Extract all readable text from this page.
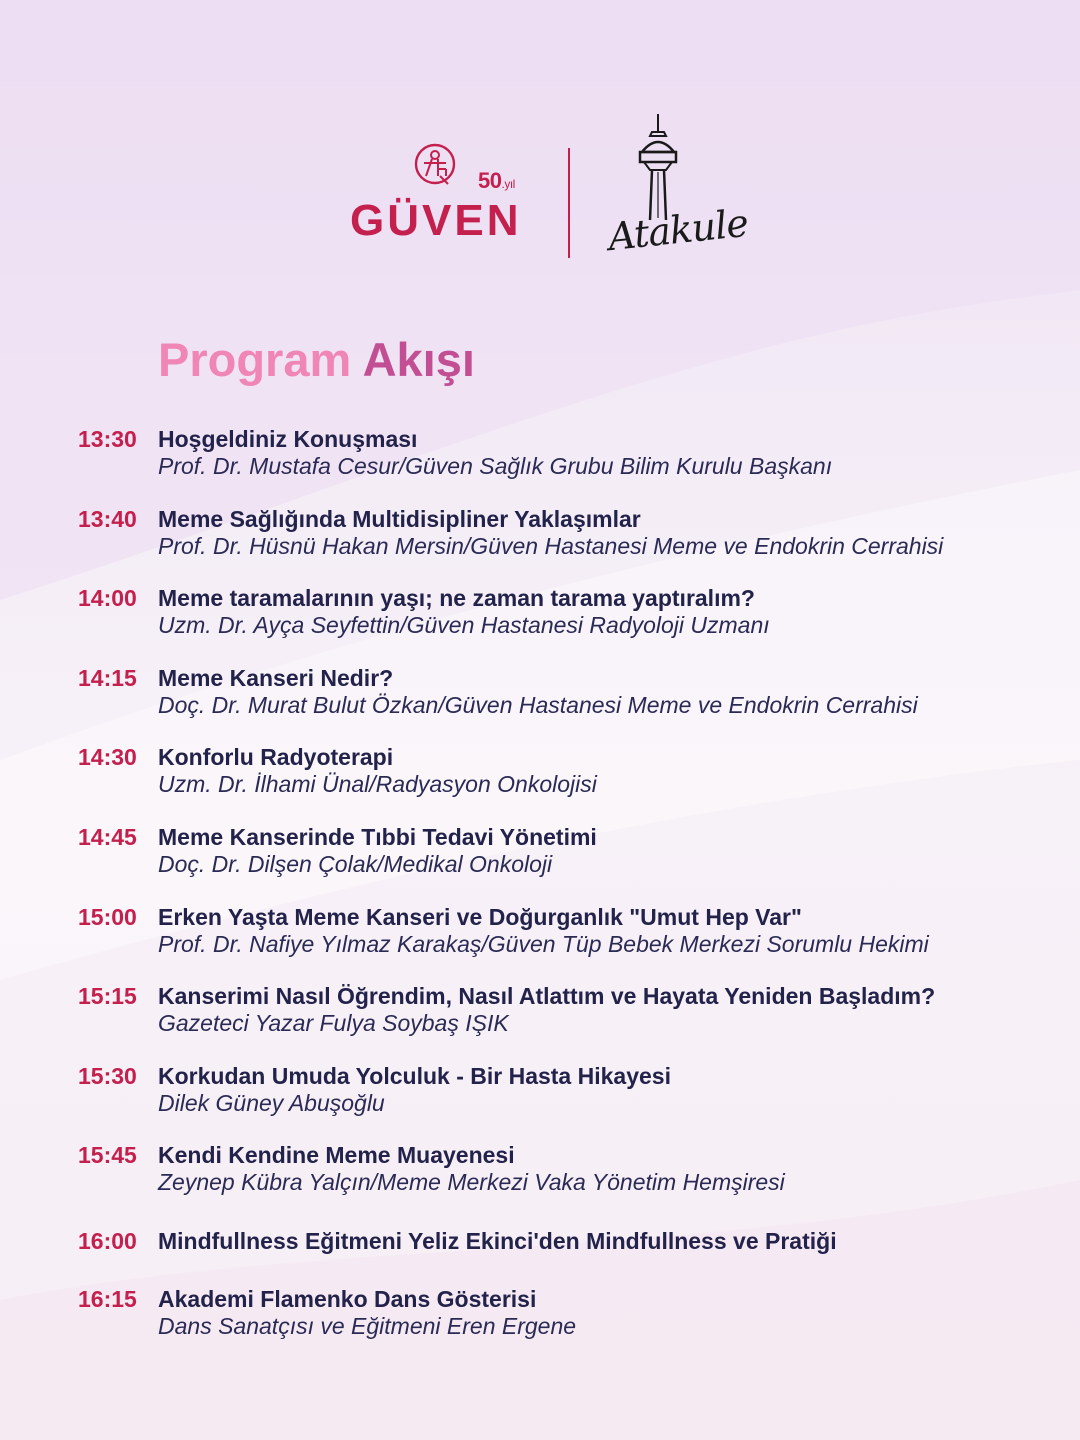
50.yıl
GÜVEN Atakule
Program Akışı
13:30 Hoşgeldiniz Konuşması
Prof. Dr. Mustafa Cesur/Güven Sağlık Grubu Bilim Kurulu Başkanı
13:40 Meme Sağlığında Multidisipliner Yaklaşımlar
Prof. Dr. Hüsnü Hakan Mersin/Güven Hastanesi Meme ve Endokrin Cerrahisi
14:00 Meme taramalarının yaşı; ne zaman tarama yaptıralım?
Uzm. Dr. Ayça Seyfettin/Güven Hastanesi Radyoloji Uzmanı
14:15 Meme Kanseri Nedir?
Doç. Dr. Murat Bulut Özkan/Güven Hastanesi Meme ve Endokrin Cerrahisi
14:30 Konforlu Radyoterapi
Uzm. Dr. İlhami Ünal/Radyasyon Onkolojisi
14:45 Meme Kanserinde Tıbbi Tedavi Yönetimi
Doç. Dr. Dilşen Çolak/Medikal Onkoloji
15:00 Erken Yaşta Meme Kanseri ve Doğurganlık "Umut Hep Var"
Prof. Dr. Nafiye Yılmaz Karakaş/Güven Tüp Bebek Merkezi Sorumlu Hekimi
15:15 Kanserimi Nasıl Öğrendim, Nasıl Atlattım ve Hayata Yeniden Başladım?
Gazeteci Yazar Fulya Soybaş IŞIK
15:30 Korkudan Umuda Yolculuk - Bir Hasta Hikayesi
Dilek Güney Abuşoğlu
15:45 Kendi Kendine Meme Muayenesi
Zeynep Kübra Yalçın/Meme Merkezi Vaka Yönetim Hemşiresi
16:00 Mindfullness Eğitmeni Yeliz Ekinci'den Mindfullness ve Pratiği
16:15 Akademi Flamenko Dans Gösterisi
Dans Sanatçısı ve Eğitmeni Eren Ergene
